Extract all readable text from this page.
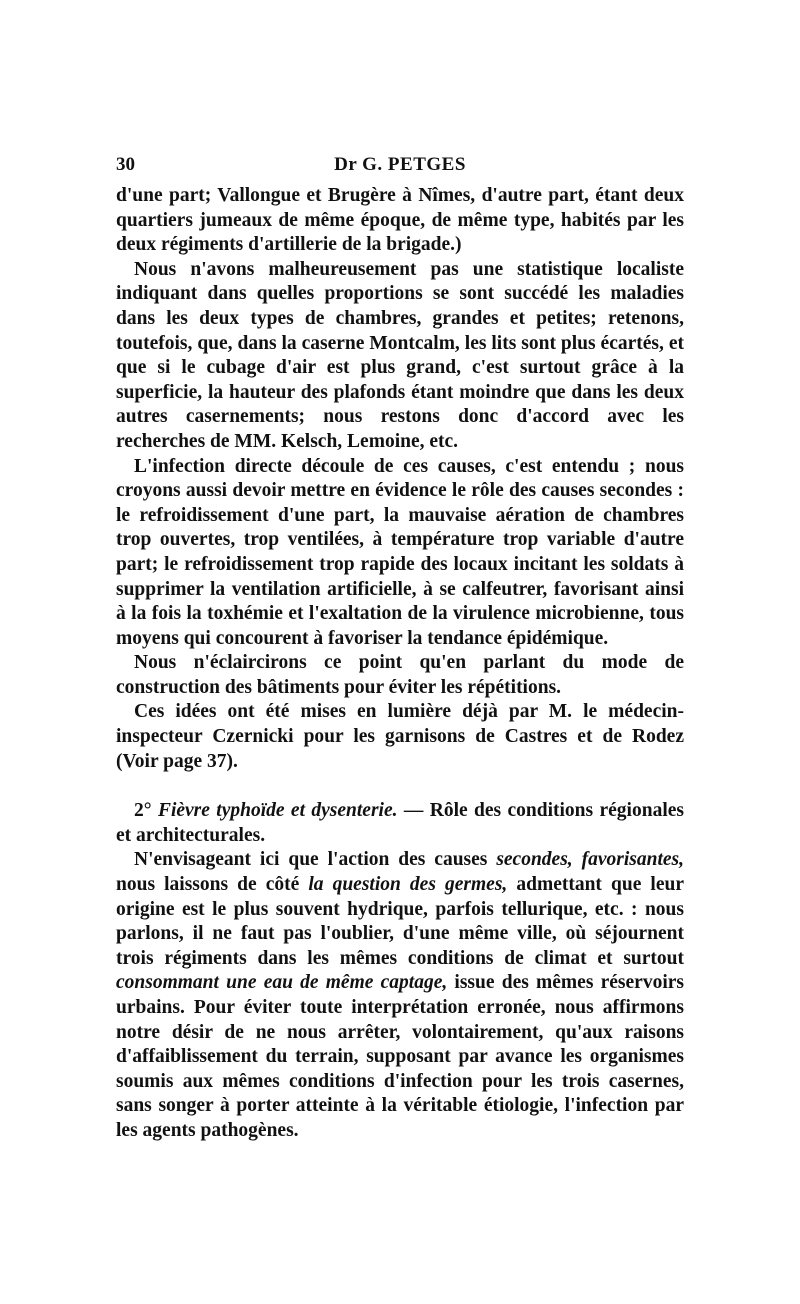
30	Dr G. PETGES

d'une part; Vallongue et Brugère à Nîmes, d'autre part, étant deux quartiers jumeaux de même époque, de même type, habités par les deux régiments d'artillerie de la brigade.)

Nous n'avons malheureusement pas une statistique localiste indiquant dans quelles proportions se sont succédé les maladies dans les deux types de chambres, grandes et petites; retenons, toutefois, que, dans la caserne Montcalm, les lits sont plus écartés, et que si le cubage d'air est plus grand, c'est surtout grâce à la superficie, la hauteur des plafonds étant moindre que dans les deux autres casernements; nous restons donc d'accord avec les recherches de MM. Kelsch, Lemoine, etc.

L'infection directe découle de ces causes, c'est entendu ; nous croyons aussi devoir mettre en évidence le rôle des causes secondes : le refroidissement d'une part, la mauvaise aération de chambres trop ouvertes, trop ventilées, à température trop variable d'autre part; le refroidissement trop rapide des locaux incitant les soldats à supprimer la ventilation artificielle, à se calfeutrer, favorisant ainsi à la fois la toxhémie et l'exaltation de la virulence microbienne, tous moyens qui concourent à favoriser la tendance épidémique.

Nous n'éclaircirons ce point qu'en parlant du mode de construction des bâtiments pour éviter les répétitions.

Ces idées ont été mises en lumière déjà par M. le médecin-inspecteur Czernicki pour les garnisons de Castres et de Rodez (Voir page 37).

2° Fièvre typhoïde et dysenterie. — Rôle des conditions régionales et architecturales.

N'envisageant ici que l'action des causes secondes, favorisantes, nous laissons de côté la question des germes, admettant que leur origine est le plus souvent hydrique, parfois tellurique, etc. : nous parlons, il ne faut pas l'oublier, d'une même ville, où séjournent trois régiments dans les mêmes conditions de climat et surtout consommant une eau de même captage, issue des mêmes réservoirs urbains. Pour éviter toute interprétation erronée, nous affirmons notre désir de ne nous arrêter, volontairement, qu'aux raisons d'affaiblissement du terrain, supposant par avance les organismes soumis aux mêmes conditions d'infection pour les trois casernes, sans songer à porter atteinte à la véritable étiologie, l'infection par les agents pathogènes.
